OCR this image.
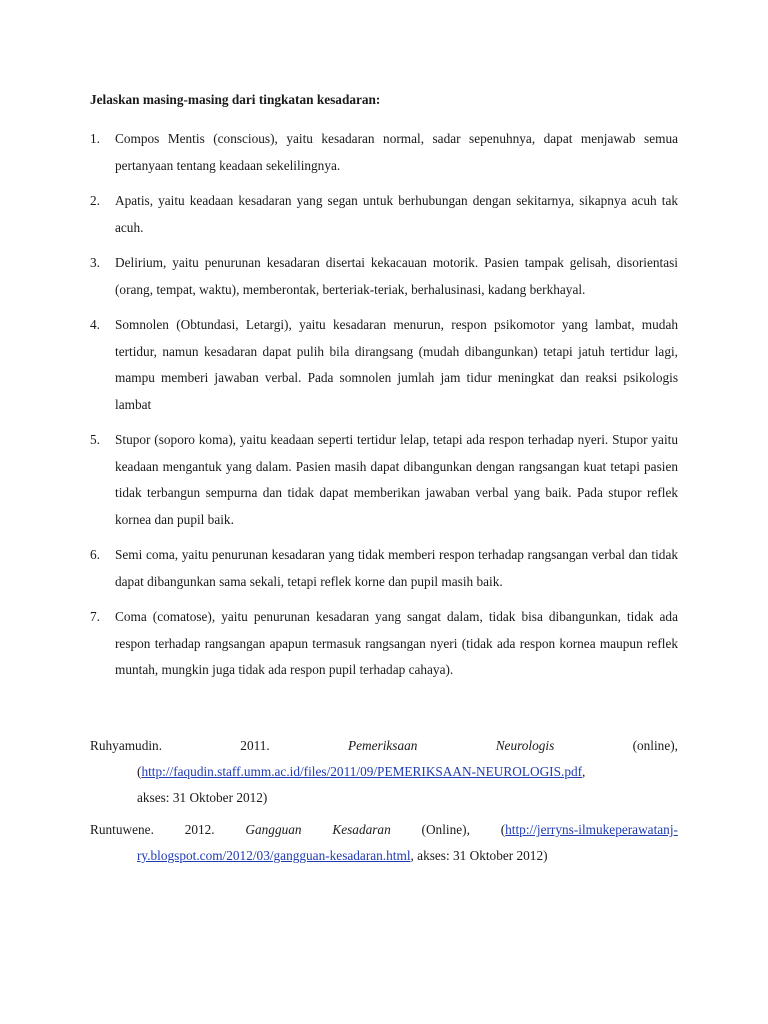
Jelaskan masing-masing dari tingkatan kesadaran:
1.	Compos Mentis (conscious), yaitu kesadaran normal, sadar sepenuhnya, dapat menjawab semua pertanyaan tentang keadaan sekelilingnya.
2.	Apatis, yaitu keadaan kesadaran yang segan untuk berhubungan dengan sekitarnya, sikapnya acuh tak acuh.
3.	Delirium, yaitu penurunan kesadaran disertai kekacauan motorik. Pasien tampak gelisah, disorientasi (orang, tempat, waktu), memberontak, berteriak-teriak, berhalusinasi, kadang berkhayal.
4.	Somnolen (Obtundasi, Letargi), yaitu kesadaran menurun, respon psikomotor yang lambat, mudah tertidur, namun kesadaran dapat pulih bila dirangsang (mudah dibangunkan) tetapi jatuh tertidur lagi, mampu memberi jawaban verbal. Pada somnolen jumlah jam tidur meningkat dan reaksi psikologis lambat
5.	Stupor (soporo koma), yaitu keadaan seperti tertidur lelap, tetapi ada respon terhadap nyeri. Stupor yaitu keadaan mengantuk yang dalam. Pasien masih dapat dibangunkan dengan rangsangan kuat tetapi pasien tidak terbangun sempurna dan tidak dapat memberikan jawaban verbal yang baik. Pada stupor reflek kornea dan pupil baik.
6.	Semi coma, yaitu penurunan kesadaran yang tidak memberi respon terhadap rangsangan verbal dan tidak dapat dibangunkan sama sekali, tetapi reflek korne dan pupil masih baik.
7.	Coma (comatose), yaitu penurunan kesadaran yang sangat dalam, tidak bisa dibangunkan, tidak ada respon terhadap rangsangan apapun termasuk rangsangan nyeri (tidak ada respon kornea maupun reflek muntah, mungkin juga tidak ada respon pupil terhadap cahaya).
Ruhyamudin.	2011.	Pemeriksaan	Neurologis	(online),
(http://faqudin.staff.umm.ac.id/files/2011/09/PEMERIKSAAN-NEUROLOGIS.pdf,
akses: 31 Oktober 2012)
Runtuwene. 2012. Gangguan Kesadaran (Online), (http://jerryns-ilmukeperawatanj-
ry.blogspot.com/2012/03/gangguan-kesadaran.html, akses: 31 Oktober 2012)
